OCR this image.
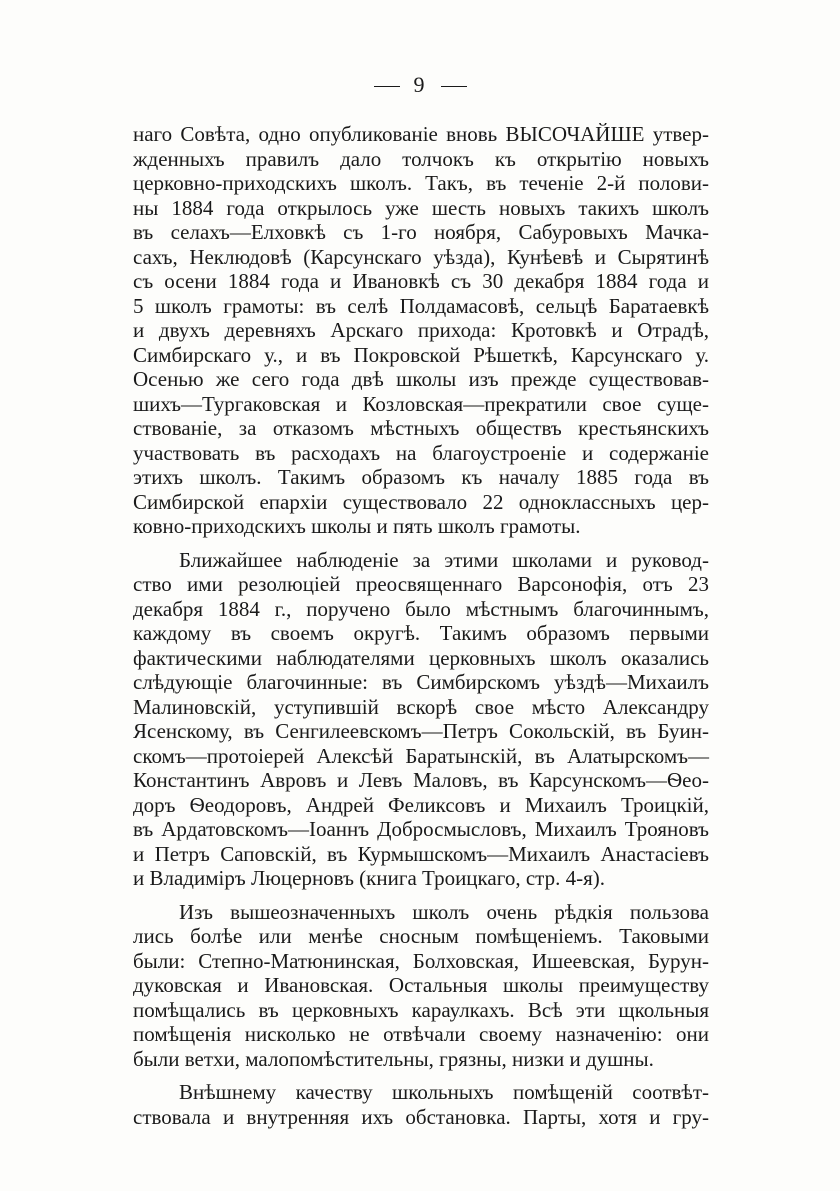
9
наго Совѣта, одно опубликованіе вновь ВЫСОЧАЙШЕ утвер-
жденныхъ правилъ дало толчокъ къ открытію новыхъ
церковно-приходскихъ школъ. Такъ, въ теченіе 2-й полови-
ны 1884 года открылось уже шесть новыхъ такихъ школъ
въ селахъ—Елховкѣ съ 1-го ноября, Сабуровыхъ Мачка-
сахъ, Неклюдовѣ (Карсунскаго уѣзда), Кунѣевѣ и Сырятинѣ
съ осени 1884 года и Ивановкѣ съ 30 декабря 1884 года и
5 школъ грамоты: въ селѣ Полдамасовѣ, сельцѣ Баратаевкѣ
и двухъ деревняхъ Арскаго прихода: Кротовкѣ и Отрадѣ,
Симбирскаго у., и въ Покровской Рѣшеткѣ, Карсунскаго у.
Осенью же сего года двѣ школы изъ прежде существовав-
шихъ—Тургаковская и Козловская—прекратили свое суще-
ствованіе, за отказомъ мѣстныхъ обществъ крестьянскихъ
участвовать въ расходахъ на благоустроеніе и содержаніе
этихъ школъ. Такимъ образомъ къ началу 1885 года въ
Симбирской епархіи существовало 22 одноклассныхъ цер-
ковно-приходскихъ школы и пять школъ грамоты.
Ближайшее наблюденіе за этими школами и руковод-
ство ими резолюціей преосвященнаго Варсонофія, отъ 23
декабря 1884 г., поручено было мѣстнымъ благочиннымъ,
каждому въ своемъ округѣ. Такимъ образомъ первыми
фактическими наблюдателями церковныхъ школъ оказались
слѣдующіе благочинные: въ Симбирскомъ уѣздѣ—Михаилъ
Малиновскій, уступившій вскорѣ свое мѣсто Александру
Ясенскому, въ Сенгилеевскомъ—Петръ Сокольскій, въ Буин-
скомъ—протоіерей Алексѣй Баратынскій, въ Алатырскомъ—
Константинъ Авровъ и Левъ Маловъ, въ Карсунскомъ—Ѳео-
доръ Ѳеодоровъ, Андрей Феликсовъ и Михаилъ Троицкій,
въ Ардатовскомъ—Іоаннъ Добросмысловъ, Михаилъ Трояновъ
и Петръ Саповскій, въ Курмышскомъ—Михаилъ Анастасіевъ
и Владиміръ Люцерновъ (книга Троицкаго, стр. 4-я).
Изъ вышеозначенныхъ школъ очень рѣдкія пользова
лись болѣе или менѣе сносным помѣщеніемъ. Таковыми
были: Степно-Матюнинская, Болховская, Ишеевская, Бурун-
дуковская и Ивановская. Остальныя школы преимуществу
помѣщались въ церковныхъ караулкахъ. Всѣ эти щкольныя
помѣщенія нисколько не отвѣчали своему назначенію: они
были ветхи, малопомѣстительны, грязны, низки и душны.
Внѣшнему качеству школьныхъ помѣщеній соотвѣт-
ствовала и внутренняя ихъ обстановка. Парты, хотя и гру-
